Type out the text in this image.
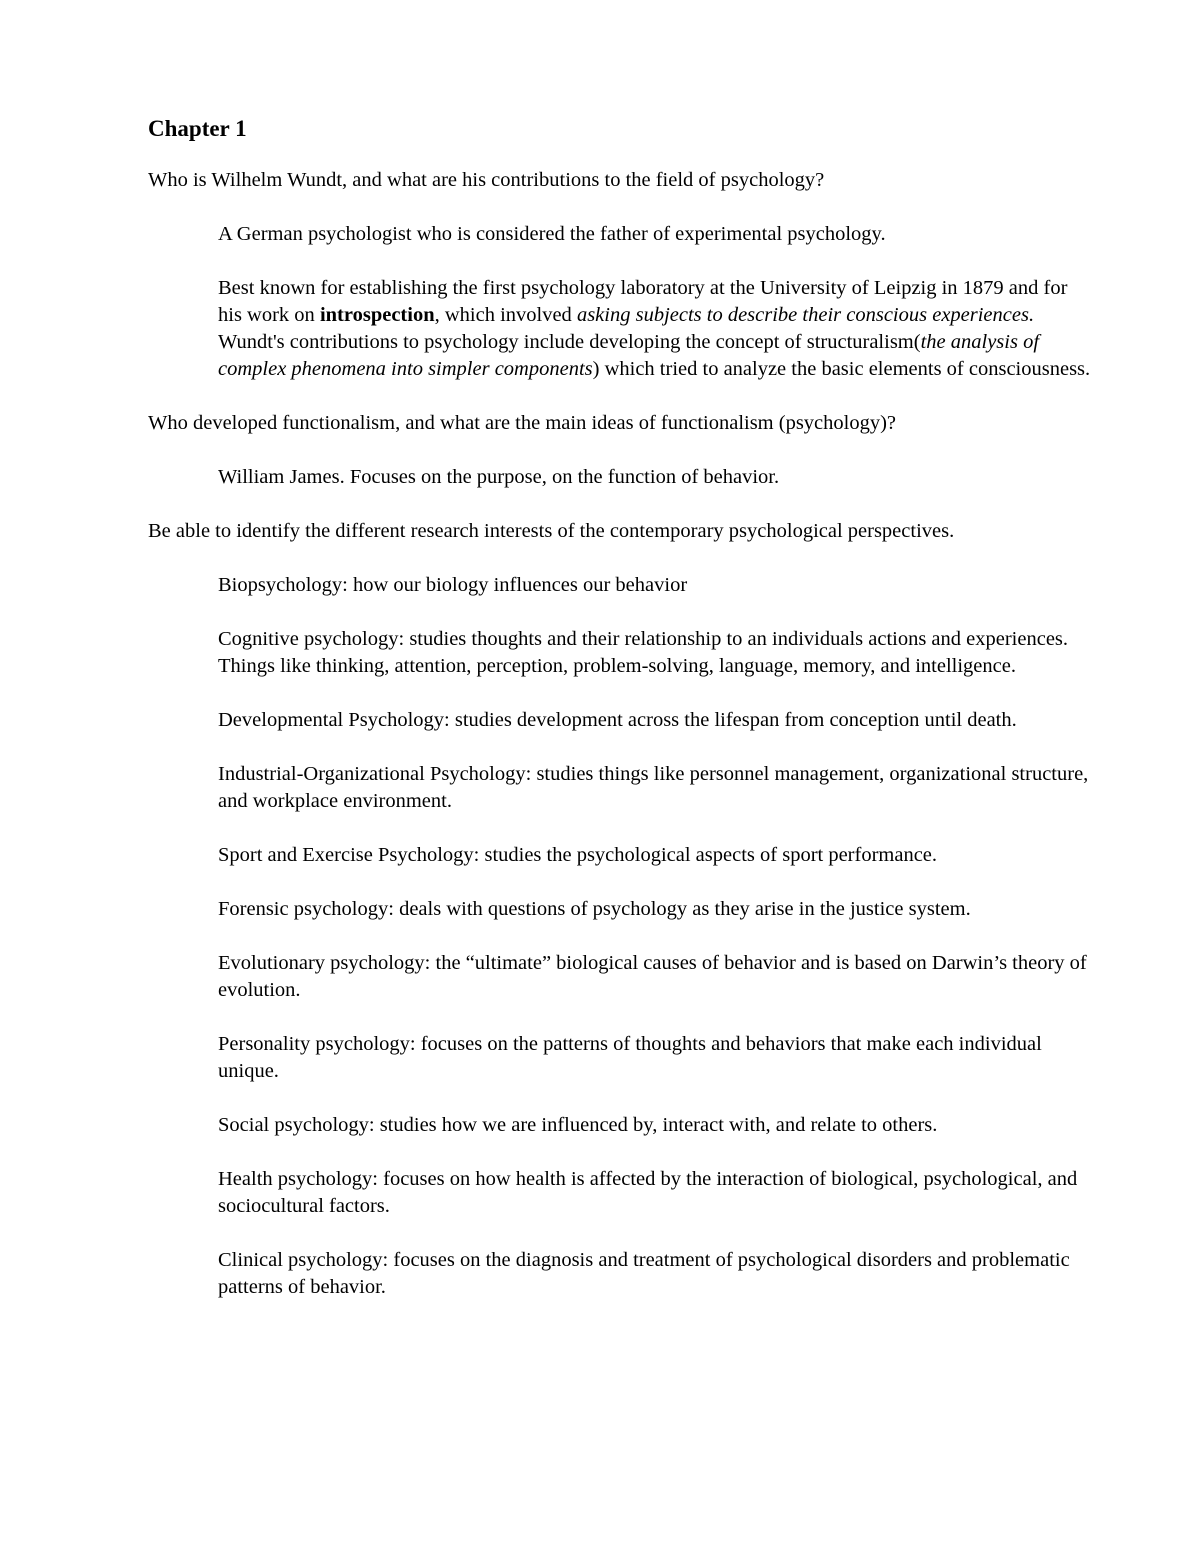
Chapter 1

Who is Wilhelm Wundt, and what are his contributions to the field of psychology?

A German psychologist who is considered the father of experimental psychology.

Best known for establishing the first psychology laboratory at the University of Leipzig in 1879 and for his work on introspection, which involved asking subjects to describe their conscious experiences. Wundt's contributions to psychology include developing the concept of structuralism(the analysis of complex phenomena into simpler components) which tried to analyze the basic elements of consciousness.

Who developed functionalism, and what are the main ideas of functionalism (psychology)?

William James. Focuses on the purpose, on the function of behavior.

Be able to identify the different research interests of the contemporary psychological perspectives.

Biopsychology: how our biology influences our behavior

Cognitive psychology: studies thoughts and their relationship to an individuals actions and experiences. Things like thinking, attention, perception, problem-solving, language, memory, and intelligence.

Developmental Psychology: studies development across the lifespan from conception until death.

Industrial-Organizational Psychology: studies things like personnel management, organizational structure, and workplace environment.

Sport and Exercise Psychology: studies the psychological aspects of sport performance.

Forensic psychology: deals with questions of psychology as they arise in the justice system.

Evolutionary psychology: the “ultimate” biological causes of behavior and is based on Darwin’s theory of evolution.

Personality psychology: focuses on the patterns of thoughts and behaviors that make each individual unique.

Social psychology: studies how we are influenced by, interact with, and relate to others.

Health psychology: focuses on how health is affected by the interaction of biological, psychological, and sociocultural factors.

Clinical psychology: focuses on the diagnosis and treatment of psychological disorders and problematic patterns of behavior.
